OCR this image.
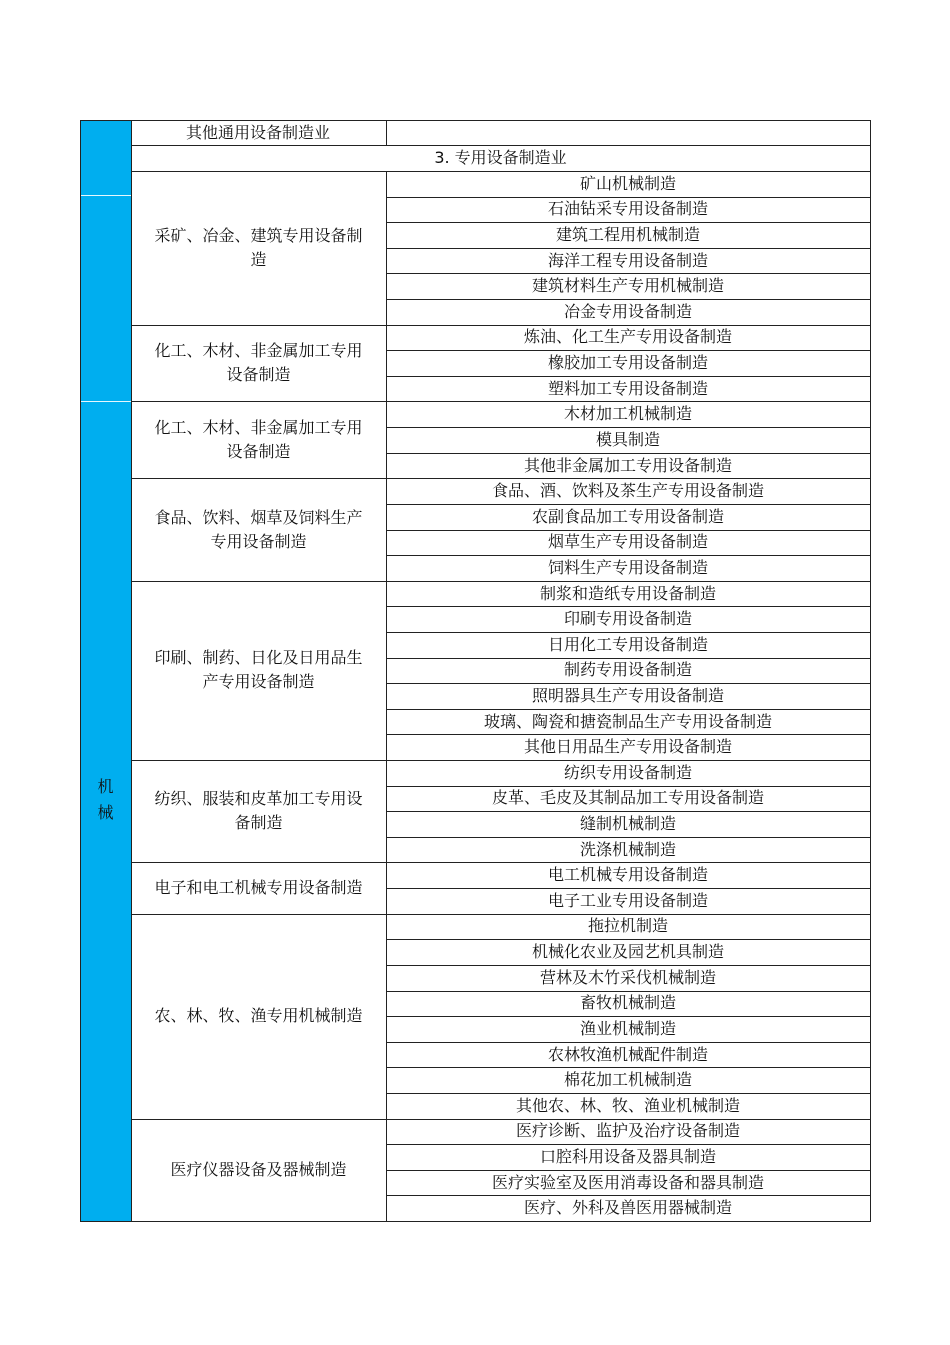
其他通用设备制造业
3. 专用设备制造业
机
械
采矿、冶金、建筑专用设备制造
矿山机械制造
石油钻采专用设备制造
建筑工程用机械制造
海洋工程专用设备制造
建筑材料生产专用机械制造
冶金专用设备制造
化工、木材、非金属加工专用设备制造
炼油、化工生产专用设备制造
橡胶加工专用设备制造
塑料加工专用设备制造
化工、木材、非金属加工专用设备制造
木材加工机械制造
模具制造
其他非金属加工专用设备制造
食品、饮料、烟草及饲料生产专用设备制造
食品、酒、饮料及茶生产专用设备制造
农副食品加工专用设备制造
烟草生产专用设备制造
饲料生产专用设备制造
印刷、制药、日化及日用品生产专用设备制造
制浆和造纸专用设备制造
印刷专用设备制造
日用化工专用设备制造
制药专用设备制造
照明器具生产专用设备制造
玻璃、陶瓷和搪瓷制品生产专用设备制造
其他日用品生产专用设备制造
纺织、服装和皮革加工专用设备制造
纺织专用设备制造
皮革、毛皮及其制品加工专用设备制造
缝制机械制造
洗涤机械制造
电子和电工机械专用设备制造
电工机械专用设备制造
电子工业专用设备制造
农、林、牧、渔专用机械制造
拖拉机制造
机械化农业及园艺机具制造
营林及木竹采伐机械制造
畜牧机械制造
渔业机械制造
农林牧渔机械配件制造
棉花加工机械制造
其他农、林、牧、渔业机械制造
医疗仪器设备及器械制造
医疗诊断、监护及治疗设备制造
口腔科用设备及器具制造
医疗实验室及医用消毒设备和器具制造
医疗、外科及兽医用器械制造
